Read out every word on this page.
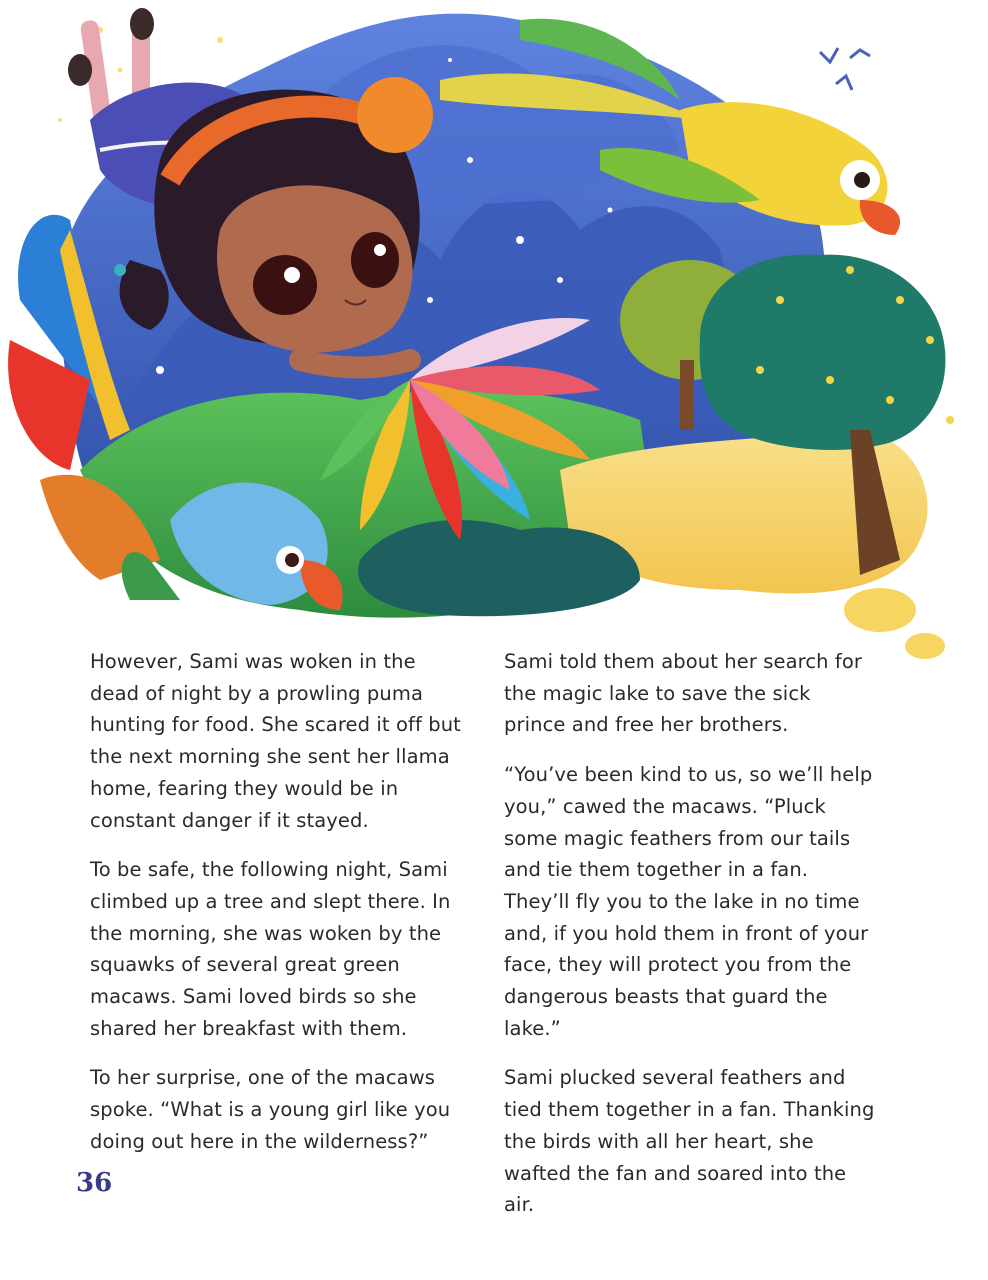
However, Sami was woken in the dead of night by a prowling puma hunting for food. She scared it off but the next morning she sent her llama home, fearing they would be in constant danger if it stayed.

To be safe, the following night, Sami climbed up a tree and slept there. In the morning, she was woken by the squawks of several great green macaws. Sami loved birds so she shared her breakfast with them.

To her surprise, one of the macaws spoke. “What is a young girl like you doing out here in the wilderness?”

Sami told them about her search for the magic lake to save the sick prince and free her brothers.

“You’ve been kind to us, so we’ll help you,” cawed the macaws. “Pluck some magic feathers from our tails and tie them together in a fan. They’ll fly you to the lake in no time and, if you hold them in front of your face, they will protect you from the dangerous beasts that guard the lake.”

Sami plucked several feathers and tied them together in a fan. Thanking the birds with all her heart, she wafted the fan and soared into the air.

36
